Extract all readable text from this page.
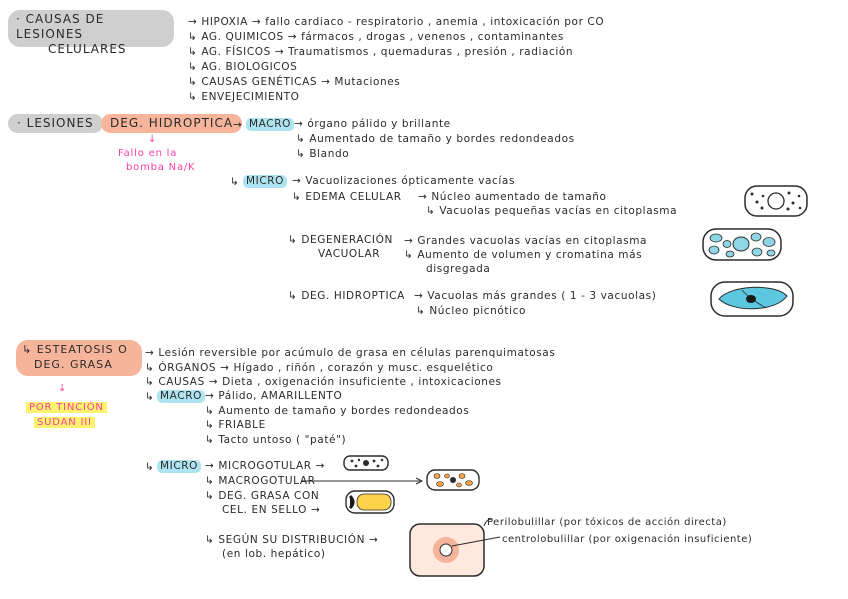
· CAUSAS DE LESIONES
CELULARES
→ HIPOXIA → fallo cardiaco - respiratorio , anemia , intoxicación por CO
↳ AG. QUIMICOS → fármacos , drogas , venenos , contaminantes
↳ AG. FÍSICOS → Traumatismos , quemaduras , presión , radiación
↳ AG. BIOLOGICOS
↳ CAUSAS GENÉTICAS → Mutaciones
↳ ENVEJECIMIENTO
· LESIONES	DEG. HIDROPTICA
↓
Fallo en la
bomba Na/K
→ MACRO → órgano pálido y brillante
↳ Aumentado de tamaño y bordes redondeados
↳ Blando
↳ MICRO → Vacuolizaciones ópticamente vacías
↳ EDEMA CELULAR → Núcleo aumentado de tamaño
↳ Vacuolas pequeñas vacías en citoplasma
↳ DEGENERACIÓN
VACUOLAR
→ Grandes vacuolas vacías en citoplasma
↳ Aumento de volumen y cromatina más
disgregada
↳ DEG. HIDROPTICA → Vacuolas más grandes ( 1 - 3 vacuolas)
↳ Núcleo picnótico
↳ ESTEATOSIS O
DEG. GRASA
↓
POR TINCIÓN
SUDAN III
→ Lesión reversible por acúmulo de grasa en células parenquimatosas
↳ ÓRGANOS → Hígado , riñón , corazón y musc. esquelético
↳ CAUSAS → Dieta , oxigenación insuficiente , intoxicaciones
↳ MACRO → Pálido, AMARILLENTO
↳ Aumento de tamaño y bordes redondeados
↳ FRIABLE
↳ Tacto untoso ( "paté")
↳ MICRO → MICROGOTULAR →
↳ MACROGOTULAR
↳ DEG. GRASA CON
CEL. EN SELLO →
↳ SEGÚN SU DISTRIBUCIÓN →
(en lob. hepático)
Perilobulillar (por tóxicos de acción directa)
centrolobulillar (por oxigenación insuficiente)
